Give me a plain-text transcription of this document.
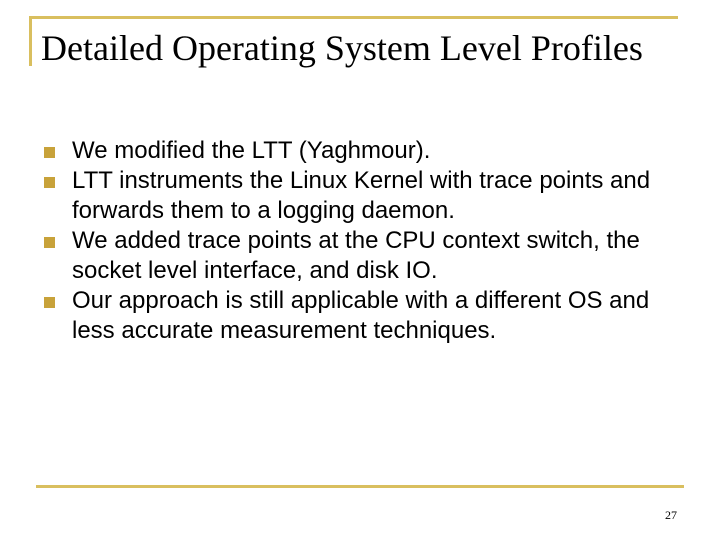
Detailed Operating System Level Profiles
We modified the LTT (Yaghmour).
LTT instruments the Linux Kernel with trace points and forwards them to a logging daemon.
We added trace points at the CPU context switch, the socket level interface, and disk IO.
Our approach is still applicable with a different OS and less accurate measurement techniques.
27
